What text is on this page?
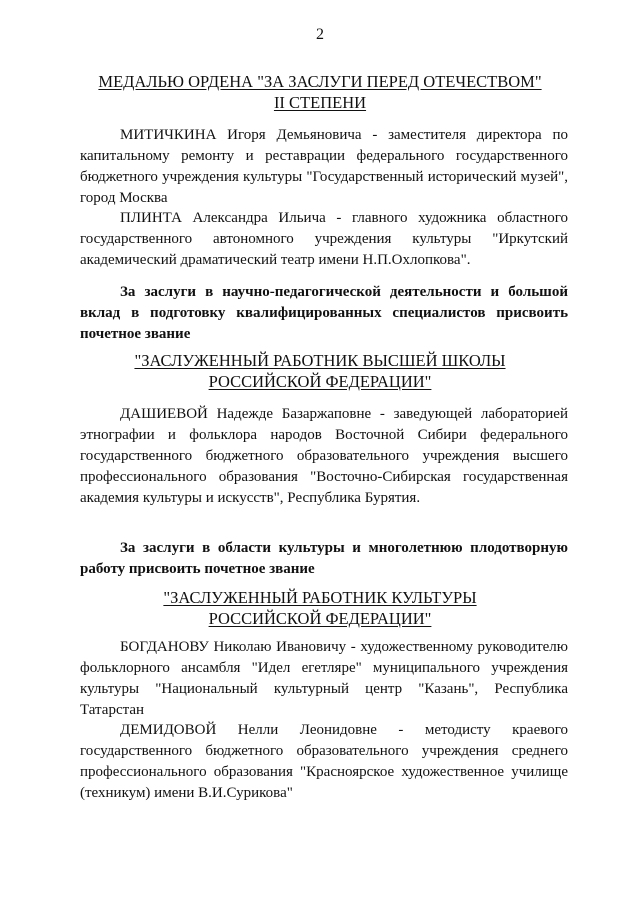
2
МЕДАЛЬЮ ОРДЕНА "ЗА ЗАСЛУГИ ПЕРЕД ОТЕЧЕСТВОМ"
II СТЕПЕНИ

МИТИЧКИНА Игоря Демьяновича - заместителя директора по капитальному ремонту и реставрации федерального государственного бюджетного учреждения культуры "Государственный исторический музей", город Москва

ПЛИНТА Александра Ильича - главного художника областного государственного автономного учреждения культуры "Иркутский академический драматический театр имени Н.П.Охлопкова".

За заслуги в научно-педагогической деятельности и большой вклад в подготовку квалифицированных специалистов присвоить почетное звание

"ЗАСЛУЖЕННЫЙ РАБОТНИК ВЫСШЕЙ ШКОЛЫ
РОССИЙСКОЙ ФЕДЕРАЦИИ"

ДАШИЕВОЙ Надежде Базаржаповне - заведующей лабораторией этнографии и фольклора народов Восточной Сибири федерального государственного бюджетного образовательного учреждения высшего профессионального образования "Восточно-Сибирская государственная академия культуры и искусств", Республика Бурятия.

За заслуги в области культуры и многолетнюю плодотворную работу присвоить почетное звание

"ЗАСЛУЖЕННЫЙ РАБОТНИК КУЛЬТУРЫ
РОССИЙСКОЙ ФЕДЕРАЦИИ"

БОГДАНОВУ Николаю Ивановичу - художественному руководителю фольклорного ансамбля "Идел егетляре" муниципального учреждения культуры "Национальный культурный центр "Казань", Республика Татарстан

ДЕМИДОВОЙ Нелли Леонидовне - методисту краевого государственного бюджетного образовательного учреждения среднего профессионального образования "Красноярское художественное училище (техникум) имени В.И.Сурикова"
